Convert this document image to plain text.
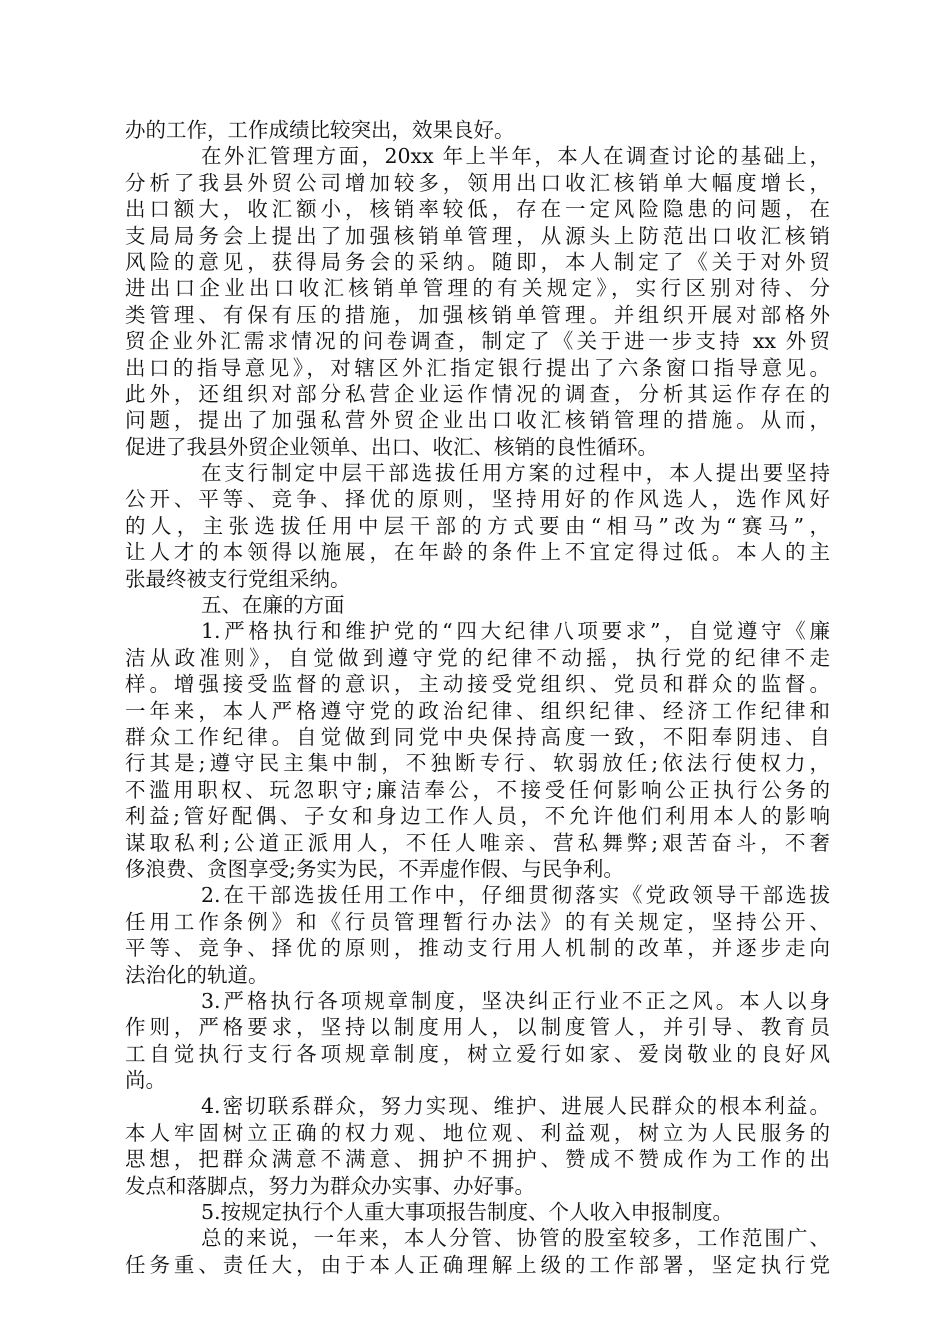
办的工作，工作成绩比较突出，效果良好。
在外汇管理方面，20xx 年上半年，本人在调查讨论的基础上，
分析了我县外贸公司增加较多，领用出口收汇核销单大幅度增长，
出口额大，收汇额小，核销率较低，存在一定风险隐患的问题，在
支局局务会上提出了加强核销单管理，从源头上防范出口收汇核销
风险的意见，获得局务会的采纳。随即，本人制定了《关于对外贸
进出口企业出口收汇核销单管理的有关规定》，实行区别对待、分
类管理、有保有压的措施，加强核销单管理。并组织开展对部格外
贸企业外汇需求情况的问卷调查，制定了《关于进一步支持 xx 外贸
出口的指导意见》，对辖区外汇指定银行提出了六条窗口指导意见。
此外，还组织对部分私营企业运作情况的调查，分析其运作存在的
问题，提出了加强私营外贸企业出口收汇核销管理的措施。从而，
促进了我县外贸企业领单、出口、收汇、核销的良性循环。
在支行制定中层干部选拔任用方案的过程中，本人提出要坚持
公开、平等、竞争、择优的原则，坚持用好的作风选人，选作风好
的人，主张选拔任用中层干部的方式要由“相马”改为“赛马”，
让人才的本领得以施展，在年龄的条件上不宜定得过低。本人的主
张最终被支行党组采纳。
五、在廉的方面
1.严格执行和维护党的“四大纪律八项要求”，自觉遵守《廉
洁从政准则》，自觉做到遵守党的纪律不动摇，执行党的纪律不走
样。增强接受监督的意识，主动接受党组织、党员和群众的监督。
一年来，本人严格遵守党的政治纪律、组织纪律、经济工作纪律和
群众工作纪律。自觉做到同党中央保持高度一致，不阳奉阴违、自
行其是;遵守民主集中制，不独断专行、软弱放任;依法行使权力，
不滥用职权、玩忽职守;廉洁奉公，不接受任何影响公正执行公务的
利益;管好配偶、子女和身边工作人员，不允许他们利用本人的影响
谋取私利;公道正派用人，不任人唯亲、营私舞弊;艰苦奋斗，不奢
侈浪费、贪图享受;务实为民，不弄虚作假、与民争利。
2.在干部选拔任用工作中，仔细贯彻落实《党政领导干部选拔
任用工作条例》和《行员管理暂行办法》的有关规定，坚持公开、
平等、竞争、择优的原则，推动支行用人机制的改革，并逐步走向
法治化的轨道。
3.严格执行各项规章制度，坚决纠正行业不正之风。本人以身
作则，严格要求，坚持以制度用人，以制度管人，并引导、教育员
工自觉执行支行各项规章制度，树立爱行如家、爱岗敬业的良好风
尚。
4.密切联系群众，努力实现、维护、进展人民群众的根本利益。
本人牢固树立正确的权力观、地位观、利益观，树立为人民服务的
思想，把群众满意不满意、拥护不拥护、赞成不赞成作为工作的出
发点和落脚点，努力为群众办实事、办好事。
5.按规定执行个人重大事项报告制度、个人收入申报制度。
总的来说，一年来，本人分管、协管的股室较多，工作范围广、
任务重、责任大，由于本人正确理解上级的工作部署，坚定执行党
